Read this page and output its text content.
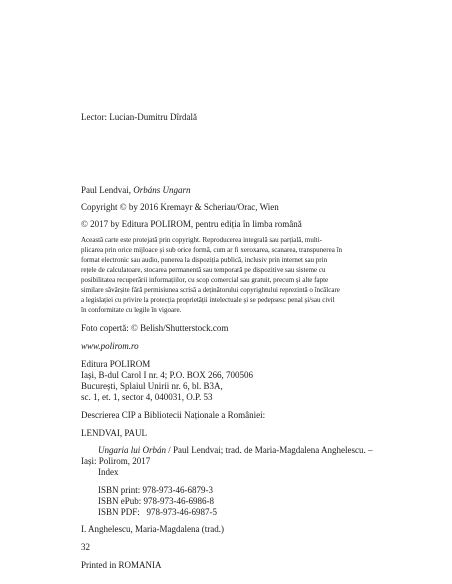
Lector: Lucian-Dumitru Dîrdală
Paul Lendvai, Orbáns Ungarn
Copyright © by 2016 Kremayr & Scheriau/Orac, Wien
© 2017 by Editura POLIROM, pentru ediția în limba română
Această carte este protejată prin copyright. Reproducerea integrală sau parțială, multi-
plicarea prin orice mijloace și sub orice formă, cum ar fi xeroxarea, scanarea, transpunerea în
format electronic sau audio, punerea la dispoziția publică, inclusiv prin internet sau prin
rețele de calculatoare, stocarea permanentă sau temporară pe dispozitive sau sisteme cu
posibilitatea recuperării informațiilor, cu scop comercial sau gratuit, precum și alte fapte
similare săvârșite fără permisiunea scrisă a deținătorului copyrightului reprezintă o încălcare
a legislației cu privire la protecția proprietății intelectuale și se pedepsesc penal și/sau civil
în conformitate cu legile în vigoare.
Foto copertă: © Belish/Shutterstock.com
www.polirom.ro
Editura POLIROM
Iași, B-dul Carol I nr. 4; P.O. BOX 266, 700506
București, Splaiul Unirii nr. 6, bl. B3A,
sc. 1, et. 1, sector 4, 040031, O.P. 53
Descrierea CIP a Bibliotecii Naționale a României:
LENDVAI, PAUL
Ungaria lui Orbán / Paul Lendvai; trad. de Maria-Magdalena Anghelescu. –
Iași: Polirom, 2017
Index
ISBN print: 978-973-46-6879-3
ISBN ePub: 978-973-46-6986-8
ISBN PDF:   978-973-46-6987-5
I. Anghelescu, Maria-Magdalena (trad.)
32
Printed in ROMANIA
